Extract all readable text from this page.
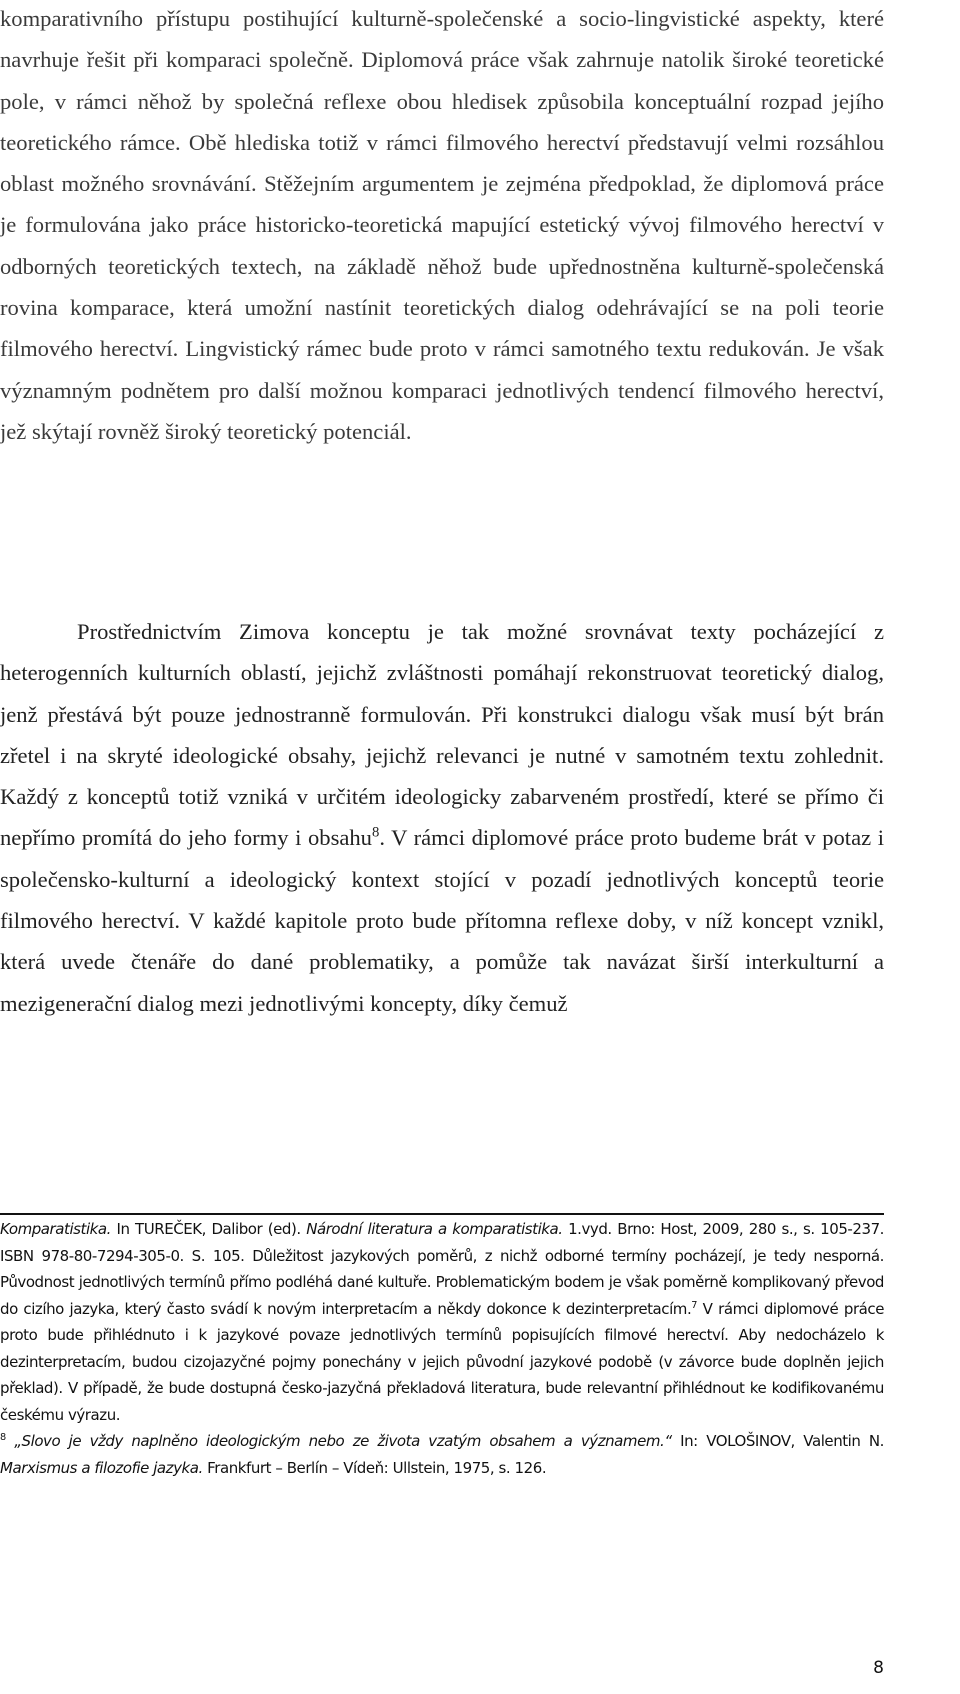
komparativního přístupu postihující kulturně-společenské a socio-lingvistické aspekty, které navrhuje řešit při komparaci společně. Diplomová práce však zahrnuje natolik široké teoretické pole, v rámci něhož by společná reflexe obou hledisek způsobila konceptuální rozpad jejího teoretického rámce. Obě hlediska totiž v rámci filmového herectví představují velmi rozsáhlou oblast možného srovnávání. Stěžejním argumentem je zejména předpoklad, že diplomová práce je formulována jako práce historicko-teoretická mapující estetický vývoj filmového herectví v odborných teoretických textech, na základě něhož bude upřednostněna kulturně-společenská rovina komparace, která umožní nastínit teoretických dialog odehrávající se na poli teorie filmového herectví. Lingvistický rámec bude proto v rámci samotného textu redukován. Je však významným podnětem pro další možnou komparaci jednotlivých tendencí filmového herectví, jež skýtají rovněž široký teoretický potenciál.

Prostřednictvím Zimova konceptu je tak možné srovnávat texty pocházející z heterogenních kulturních oblastí, jejichž zvláštnosti pomáhají rekonstruovat teoretický dialog, jenž přestává být pouze jednostranně formulován. Při konstrukci dialogu však musí být brán zřetel i na skryté ideologické obsahy, jejichž relevanci je nutné v samotném textu zohlednit. Každý z konceptů totiž vzniká v určitém ideologicky zabarveném prostředí, které se přímo či nepřímo promítá do jeho formy i obsahu$^8$. V rámci diplomové práce proto budeme brát v potaz i společensko-kulturní a ideologický kontext stojící v pozadí jednotlivých konceptů teorie filmového herectví. V každé kapitole proto bude přítomna reflexe doby, v níž koncept vznikl, která uvede čtenáře do dané problematiky, a pomůže tak navázat širší interkulturní a mezigenerační dialog mezi jednotlivými koncepty, díky čemuž

Komparatistika. In TUREČEK, Dalibor (ed). Národní literatura a komparatistika. 1.vyd. Brno: Host, 2009, 280 s., s. 105-237. ISBN 978-80-7294-305-0. S. 105. Důležitost jazykových poměrů, z nichž odborné termíny pocházejí, je tedy nesporná. Původnost jednotlivých termínů přímo podléhá dané kultuře. Problematickým bodem je však poměrně komplikovaný převod do cizího jazyka, který často svádí k novým interpretacím a někdy dokonce k dezinterpretacím.$^7$ V rámci diplomové práce proto bude přihlédnuto i k jazykové povaze jednotlivých termínů popisujících filmové herectví. Aby nedocházelo k dezinterpretacím, budou cizojazyčné pojmy ponechány v jejich původní jazykové podobě (v závorce bude doplněn jejich překlad). V případě, že bude dostupná česko-jazyčná překladová literatura, bude relevantní přihlédnout ke kodifikovanému českému výrazu.

$^8$ „Slovo je vždy naplněno ideologickým nebo ze života vzatým obsahem a významem.“ In: VOLOŠINOV, Valentin N. Marxismus a filozofie jazyka. Frankfurt – Berlín – Vídeň: Ullstein, 1975, s. 126.

8
